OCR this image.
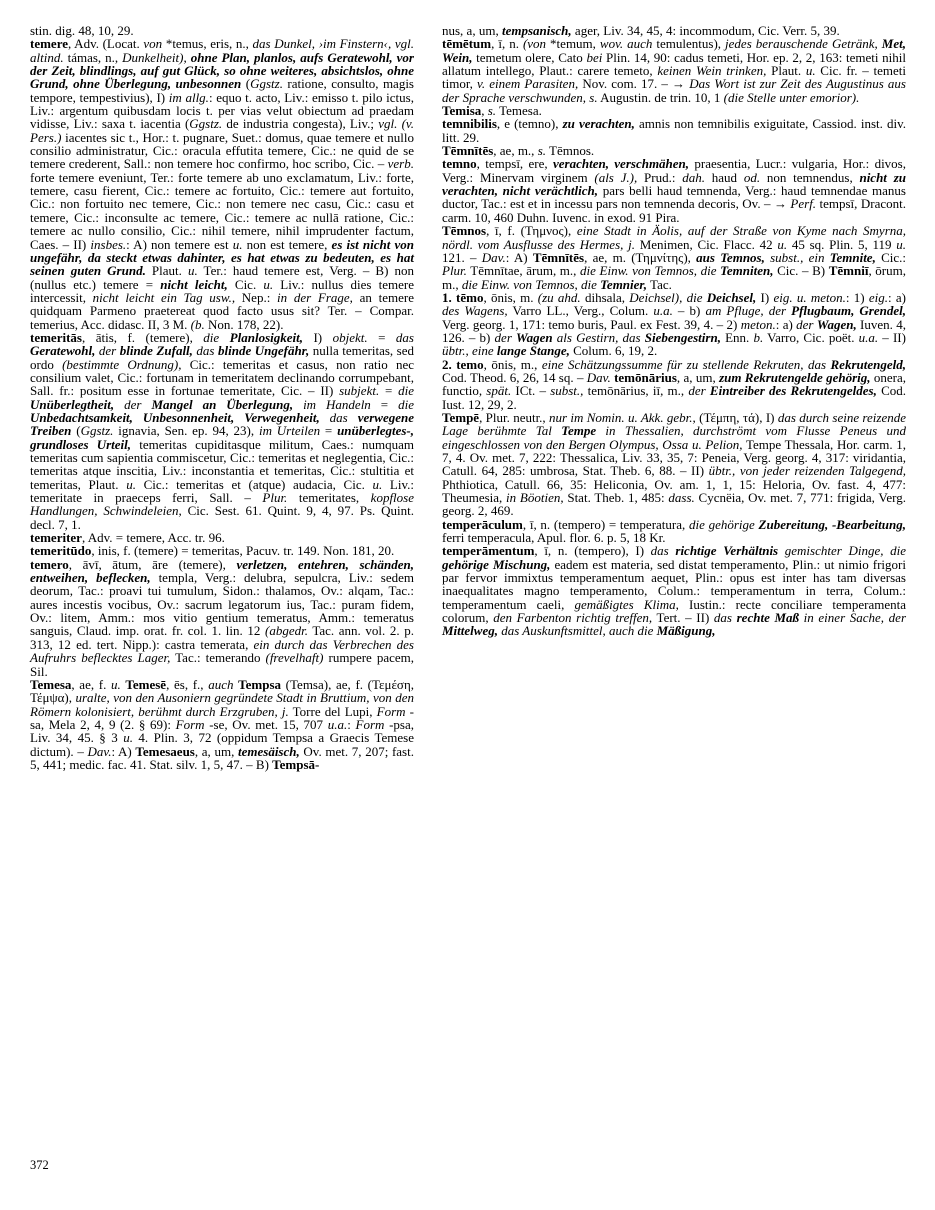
stin. dig. 48, 10, 29.

temere, Adv. (Locat. von *temus, eris, n., das Dunkel, ›im Finstern‹, vgl. altind. támas, n., Dunkelheit), ohne Plan, planlos, aufs Geratewohl, vor der Zeit, blindlings, auf gut Glück, so ohne weiteres, absichtslos, ohne Grund, ohne Überlegung, unbesonnen (Ggstz. ratione, consulto, magis tempore, tempestivius), I) im allg.: equo t. acto, Liv.: emisso t. pilo ictus, Liv.: argentum quibusdam locis t. per vias velut obiectum ad praedam vidisse, Liv.: saxa t. iacentia (Ggstz. de industria congesta), Liv.; vgl. (v. Pers.) iacentes sic t., Hor.: t. pugnare, Suet.: domus, quae temere et nullo consilio administratur, Cic.: oracula effutita temere, Cic.: ne quid de se temere crederent, Sall.: non temere hoc confirmo, hoc scribo, Cic. – verb. forte temere eveniunt, Ter.: forte temere ab uno exclamatum, Liv.: forte, temere, casu fierent, Cic.: temere ac fortuito, Cic.: temere aut fortuito, Cic.: non fortuito nec temere, Cic.: non temere nec casu, Cic.: casu et temere, Cic.: inconsulte ac temere, Cic.: temere ac nullā ratione, Cic.: temere ac nullo consilio, Cic.: nihil temere, nihil imprudenter factum, Caes. – II) insbes.: A) non temere est u. non est temere, es ist nicht von ungefähr, da steckt etwas dahinter, es hat etwas zu bedeuten, es hat seinen guten Grund. Plaut. u. Ter.: haud temere est, Verg. – B) non (nullus etc.) temere = nicht leicht, Cic. u. Liv.: nullus dies temere intercessit, nicht leicht ein Tag usw., Nep.: in der Frage, an temere quidquam Parmeno praetereat quod facto usus sit? Ter. – Compar. temerius, Acc. didasc. II, 3 M. (b. Non. 178, 22).

temeritās, ātis, f. (temere), die Planlosigkeit, I) objekt. = das Geratewohl, der blinde Zufall, das blinde Ungefähr, nulla temeritas, sed ordo (bestimmte Ordnung), Cic.: temeritas et casus, non ratio nec consilium valet, Cic.: fortunam in temeritatem declinando corrumpebant, Sall. fr.: positum esse in fortunae temeritate, Cic. – II) subjekt. = die Unüberlegtheit, der Mangel an Überlegung, im Handeln = die Unbedachtsamkeit, Unbesonnenheit, Verwegenheit, das verwegene Treiben (Ggstz. ignavia, Sen. ep. 94, 23), im Urteilen = unüberlegtes-, grundloses Urteil, temeritas cupiditasque militum, Caes.: numquam temeritas cum sapientia commiscetur, Cic.: temeritas et neglegentia, Cic.: temeritas atque inscitia, Liv.: inconstantia et temeritas, Cic.: stultitia et temeritas, Plaut. u. Cic.: temeritas et (atque) audacia, Cic. u. Liv.: temeritate in praeceps ferri, Sall. – Plur. temeritates, kopflose Handlungen, Schwindeleien, Cic. Sest. 61. Quint. 9, 4, 97. Ps. Quint. decl. 7, 1.

temeriter, Adv. = temere, Acc. tr. 96.

temeritūdo, inis, f. (temere) = temeritas, Pacuv. tr. 149. Non. 181, 20.

temero, āvī, ātum, āre (temere), verletzen, entehren, schänden, entweihen, beflecken, templa, Verg.: delubra, sepulcra, Liv.: sedem deorum, Tac.: proavi tui tumulum, Sidon.: thalamos, Ov.: alqam, Tac.: aures incestis vocibus, Ov.: sacrum legatorum ius, Tac.: puram fidem, Ov.: litem, Amm.: mos vitio gentium temeratus, Amm.: temeratus sanguis, Claud. imp. orat. fr. col. 1. lin. 12 (abgedr. Tac. ann. vol. 2. p. 313, 12 ed. tert. Nipp.): castra temerata, ein durch das Verbrechen des Aufruhrs beflecktes Lager, Tac.: temerando (frevelhaft) rumpere pacem, Sil.

Temesa, ae, f. u. Temesē, ēs, f., auch Tempsa (Temsa), ae, f. (Τεμέση, Τέμψα), uralte, von den Ausoniern gegründete Stadt in Bruttium, von den Römern kolonisiert, berühmt durch Erzgruben, j. Torre del Lupi, Form -sa, Mela 2, 4, 9 (2. § 69): Form -se, Ov. met. 15, 707 u.a.: Form -psa, Liv. 34, 45. § 3 u. 4. Plin. 3, 72 (oppidum Tempsa a Graecis Temese dictum). – Dav.: A) Temesaeus, a, um, temesäisch, Ov. met. 7, 207; fast. 5, 441; medic. fac. 41. Stat. silv. 1, 5, 47. – B) Tempsā-

nus, a, um, tempsanisch, ager, Liv. 34, 45, 4: incommodum, Cic. Verr. 5, 39.

tēmētum, ī, n. (von *temum, wov. auch temulentus), jedes berauschende Getränk, Met, Wein, temetum olere, Cato bei Plin. 14, 90: cadus temeti, Hor. ep. 2, 2, 163: temeti nihil allatum intellego, Plaut.: carere temeto, keinen Wein trinken, Plaut. u. Cic. fr. – temeti timor, v. einem Parasiten, Nov. com. 17. – → Das Wort ist zur Zeit des Augustinus aus der Sprache verschwunden, s. Augustin. de trin. 10, 1 (die Stelle unter emorior).

Temisa, s. Temesa.

temnibilis, e (temno), zu verachten, amnis non temnibilis exiguitate, Cassiod. inst. div. litt. 29.

Tēmnītēs, ae, m., s. Tēmnos.

temno, tempsī, ere, verachten, verschmähen, praesentia, Lucr.: vulgaria, Hor.: divos, Verg.: Minervam virginem (als J.), Prud.: dah. haud od. non temnendus, nicht zu verachten, nicht verächtlich, pars belli haud temnenda, Verg.: haud temnendae manus ductor, Tac.: est et in incessu pars non temnenda decoris, Ov. – → Perf. tempsī, Dracont. carm. 10, 460 Duhn. Iuvenc. in exod. 91 Pira.

Tēmnos, ī, f. (Τημνος), eine Stadt in Äolis, auf der Straße von Kyme nach Smyrna, nördl. vom Ausflusse des Hermes, j. Menimen, Cic. Flacc. 42 u. 45 sq. Plin. 5, 119 u. 121. – Dav.: A) Tēmnītēs, ae, m. (Τημνίτης), aus Temnos, subst., ein Temnite, Cic.: Plur. Tēmnītae, ārum, m., die Einw. von Temnos, die Temniten, Cic. – B) Tēmniī, ōrum, m., die Einw. von Temnos, die Temnier, Tac.

1. tēmo, ōnis, m. (zu ahd. dihsala, Deichsel), die Deichsel, I) eig. u. meton.: 1) eig.: a) des Wagens, Varro LL., Verg., Colum. u.a. – b) am Pfluge, der Pflugbaum, Grendel, Verg. georg. 1, 171: temo buris, Paul. ex Fest. 39, 4. – 2) meton.: a) der Wagen, Iuven. 4, 126. – b) der Wagen als Gestirn, das Siebengestirn, Enn. b. Varro, Cic. poët. u.a. – II) übtr., eine lange Stange, Colum. 6, 19, 2.

2. temo, ōnis, m., eine Schätzungssumme für zu stellende Rekruten, das Rekrutengeld, Cod. Theod. 6, 26, 14 sq. – Dav. temōnārius, a, um, zum Rekrutengelde gehörig, onera, functio, spät. ICt. – subst., temōnārius, iī, m., der Eintreiber des Rekrutengeldes, Cod. Iust. 12, 29, 2.

Tempē, Plur. neutr., nur im Nomin. u. Akk. gebr., (Τέμπη, τά), I) das durch seine reizende Lage berühmte Tal Tempe in Thessalien, durchströmt vom Flusse Peneus und eingeschlossen von den Bergen Olympus, Ossa u. Pelion, Tempe Thessala, Hor. carm. 1, 7, 4. Ov. met. 7, 222: Thessalica, Liv. 33, 35, 7: Peneia, Verg. georg. 4, 317: viridantia, Catull. 64, 285: umbrosa, Stat. Theb. 6, 88. – II) übtr., von jeder reizenden Talgegend, Phthiotica, Catull. 66, 35: Heliconia, Ov. am. 1, 1, 15: Heloria, Ov. fast. 4, 477: Theumesia, in Böotien, Stat. Theb. 1, 485: dass. Cycnëia, Ov. met. 7, 771: frigida, Verg. georg. 2, 469.

temperāculum, ī, n. (tempero) = temperatura, die gehörige Zubereitung, -Bearbeitung, ferri temperacula, Apul. flor. 6. p. 5, 18 Kr.

temperāmentum, ī, n. (tempero), I) das richtige Verhältnis gemischter Dinge, die gehörige Mischung, eadem est materia, sed distat temperamento, Plin.: ut nimio frigori par fervor immixtus temperamentum aequet, Plin.: opus est inter has tam diversas inaequalitates magno temperamento, Colum.: temperamentum in terra, Colum.: temperamentum caeli, gemäßigtes Klima, Iustin.: recte conciliare temperamenta colorum, den Farbenton richtig treffen, Tert. – II) das rechte Maß in einer Sache, der Mittelweg, das Auskunftsmittel, auch die Mäßigung,

372
